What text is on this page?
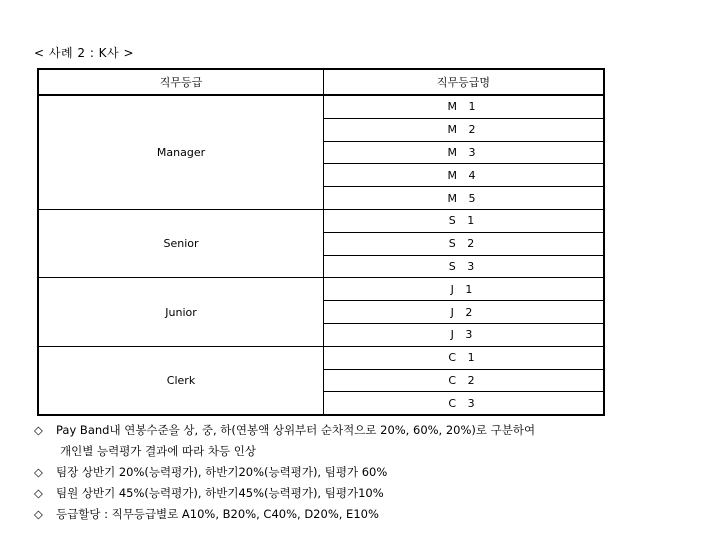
< 사례 2 : K사 >
직무등급	직무등급명
Manager	M 1
	M 2
	M 3
	M 4
	M 5
Senior	S 1
	S 2
	S 3
Junior	J 1
	J 2
	J 3
Clerk	C 1
	C 2
	C 3
◇ Pay Band내 연봉수준을 상, 중, 하(연봉액 상위부터 순차적으로 20%, 60%, 20%)로 구분하여
개인별 능력평가 결과에 따라 차등 인상
◇ 팀장 상반기 20%(능력평가), 하반기20%(능력평가), 팀평가 60%
◇ 팀원 상반기 45%(능력평가), 하반기45%(능력평가), 팀평가10%
◇ 등급할당 : 직무등급별로 A10%, B20%, C40%, D20%, E10%
